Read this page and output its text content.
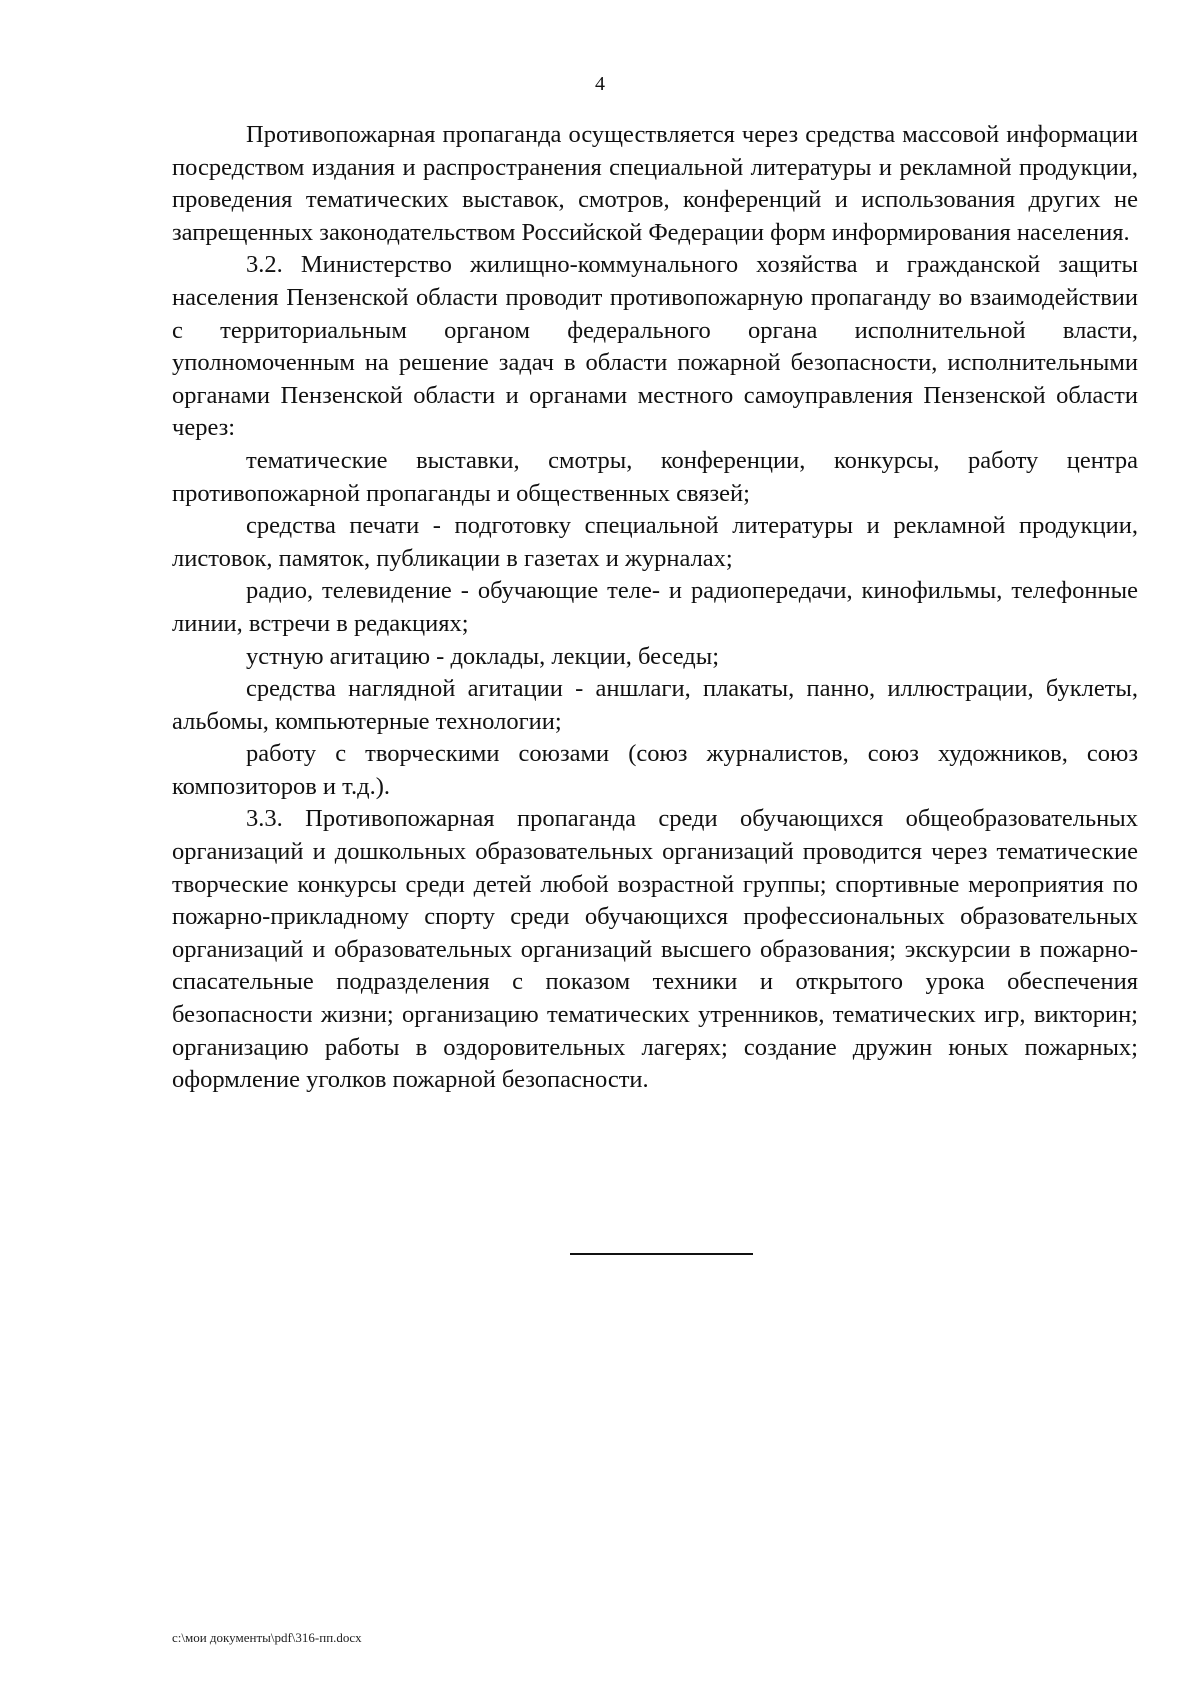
4

Противопожарная пропаганда осуществляется через средства массовой информации посредством издания и распространения специальной литературы и рекламной продукции, проведения тематических выставок, смотров, конференций и использования других не запрещенных законодательством Российской Федерации форм информирования населения.

3.2. Министерство жилищно-коммунального хозяйства и гражданской защиты населения Пензенской области проводит противопожарную пропаганду во взаимодействии с территориальным органом федерального органа исполнительной власти, уполномоченным на решение задач в области пожарной безопасности, исполнительными органами Пензенской области и органами местного самоуправления Пензенской области через:

тематические выставки, смотры, конференции, конкурсы, работу центра противопожарной пропаганды и общественных связей;

средства печати - подготовку специальной литературы и рекламной продукции, листовок, памяток, публикации в газетах и журналах;

радио, телевидение - обучающие теле- и радиопередачи, кинофильмы, телефонные линии, встречи в редакциях;

устную агитацию - доклады, лекции, беседы;

средства наглядной агитации - аншлаги, плакаты, панно, иллюстрации, буклеты, альбомы, компьютерные технологии;

работу с творческими союзами (союз журналистов, союз художников, союз композиторов и т.д.).

3.3. Противопожарная пропаганда среди обучающихся общеобразовательных организаций и дошкольных образовательных организаций проводится через тематические творческие конкурсы среди детей любой возрастной группы; спортивные мероприятия по пожарно-прикладному спорту среди обучающихся профессиональных образовательных организаций и образовательных организаций высшего образования; экскурсии в пожарно-спасательные подразделения с показом техники и открытого урока обеспечения безопасности жизни; организацию тематических утренников, тематических игр, викторин; организацию работы в оздоровительных лагерях; создание дружин юных пожарных; оформление уголков пожарной безопасности.

c:\мои документы\pdf\316-пп.docx
